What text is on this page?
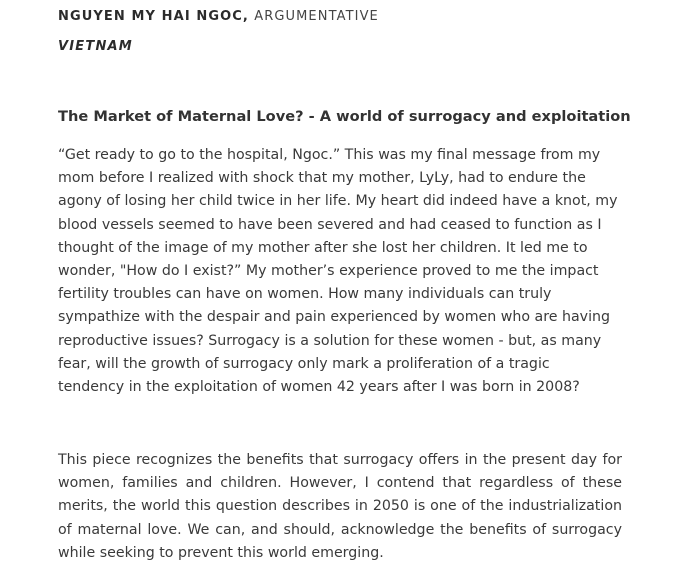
NGUYEN MY HAI NGOC, ARGUMENTATIVE
VIETNAM
The Market of Maternal Love? - A world of surrogacy and exploitation
“Get ready to go to the hospital, Ngoc.” This was my final message from my
mom before I realized with shock that my mother, LyLy, had to endure the
agony of losing her child twice in her life. My heart did indeed have a knot, my
blood vessels seemed to have been severed and had ceased to function as I
thought of the image of my mother after she lost her children. It led me to
wonder, "How do I exist?” My mother’s experience proved to me the impact
fertility troubles can have on women. How many individuals can truly
sympathize with the despair and pain experienced by women who are having
reproductive issues? Surrogacy is a solution for these women - but, as many
fear, will the growth of surrogacy only mark a proliferation of a tragic
tendency in the exploitation of women 42 years after I was born in 2008?
This piece recognizes the benefits that surrogacy offers in the present day for
women, families and children. However, I contend that regardless of these
merits, the world this question describes in 2050 is one of the industrialization
of maternal love. We can, and should, acknowledge the benefits of surrogacy
while seeking to prevent this world emerging.
